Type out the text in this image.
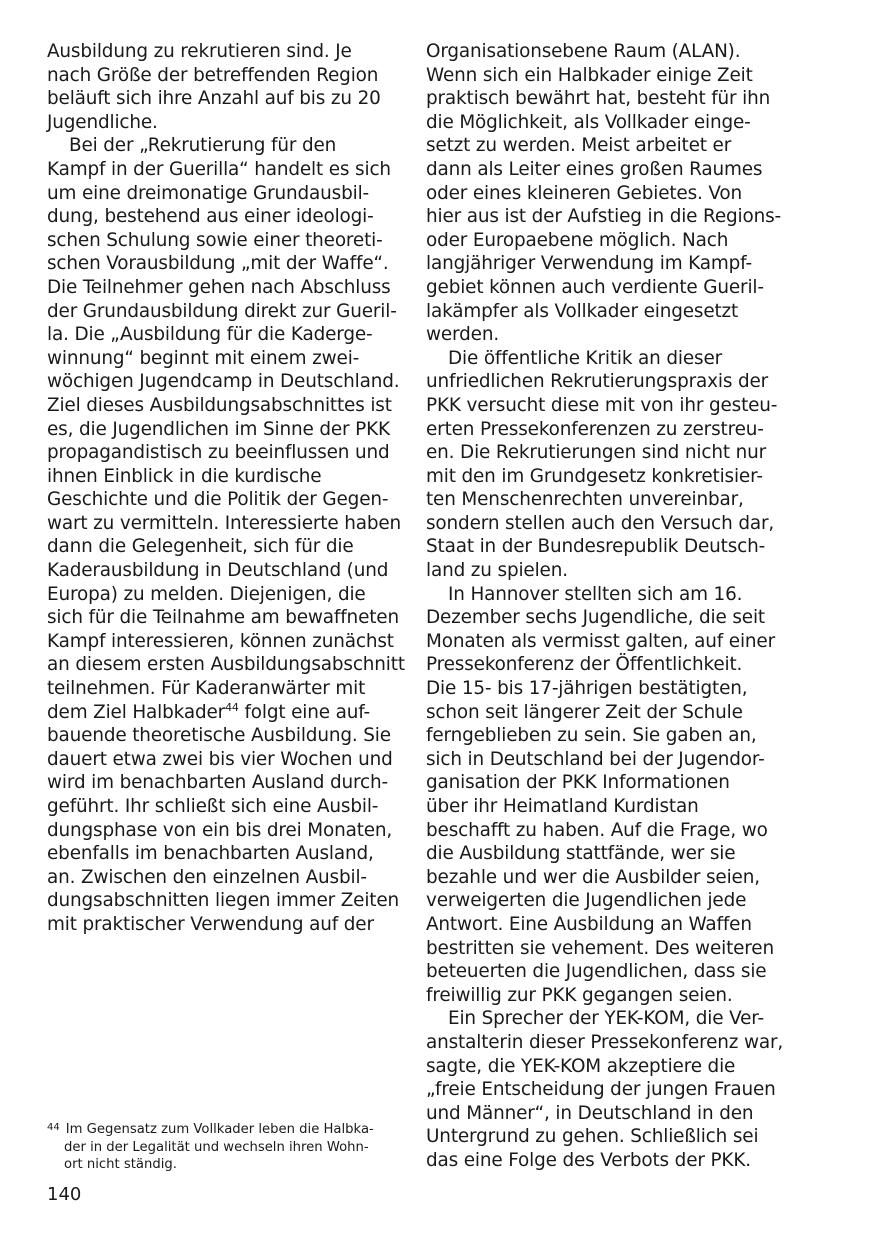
Ausbildung zu rekrutieren sind. Je
nach Größe der betreffenden Region
beläuft sich ihre Anzahl auf bis zu 20
Jugendliche.
Bei der „Rekrutierung für den
Kampf in der Guerilla“ handelt es sich
um eine dreimonatige Grundausbil-
dung, bestehend aus einer ideologi-
schen Schulung sowie einer theoreti-
schen Vorausbildung „mit der Waffe“.
Die Teilnehmer gehen nach Abschluss
der Grundausbildung direkt zur Gueril-
la. Die „Ausbildung für die Kaderge-
winnung“ beginnt mit einem zwei-
wöchigen Jugendcamp in Deutschland.
Ziel dieses Ausbildungsabschnittes ist
es, die Jugendlichen im Sinne der PKK
propagandistisch zu beeinflussen und
ihnen Einblick in die kurdische
Geschichte und die Politik der Gegen-
wart zu vermitteln. Interessierte haben
dann die Gelegenheit, sich für die
Kaderausbildung in Deutschland (und
Europa) zu melden. Diejenigen, die
sich für die Teilnahme am bewaffneten
Kampf interessieren, können zunächst
an diesem ersten Ausbildungsabschnitt
teilnehmen. Für Kaderanwärter mit
dem Ziel Halbkader$^{44}$ folgt eine auf-
bauende theoretische Ausbildung. Sie
dauert etwa zwei bis vier Wochen und
wird im benachbarten Ausland durch-
geführt. Ihr schließt sich eine Ausbil-
dungsphase von ein bis drei Monaten,
ebenfalls im benachbarten Ausland,
an. Zwischen den einzelnen Ausbil-
dungsabschnitten liegen immer Zeiten
mit praktischer Verwendung auf der
Organisationsebene Raum (ALAN).
Wenn sich ein Halbkader einige Zeit
praktisch bewährt hat, besteht für ihn
die Möglichkeit, als Vollkader einge-
setzt zu werden. Meist arbeitet er
dann als Leiter eines großen Raumes
oder eines kleineren Gebietes. Von
hier aus ist der Aufstieg in die Regions-
oder Europaebene möglich. Nach
langjähriger Verwendung im Kampf-
gebiet können auch verdiente Gueril-
lakämpfer als Vollkader eingesetzt
werden.
Die öffentliche Kritik an dieser
unfriedlichen Rekrutierungspraxis der
PKK versucht diese mit von ihr gesteu-
erten Pressekonferenzen zu zerstreu-
en. Die Rekrutierungen sind nicht nur
mit den im Grundgesetz konkretisier-
ten Menschenrechten unvereinbar,
sondern stellen auch den Versuch dar,
Staat in der Bundesrepublik Deutsch-
land zu spielen.
In Hannover stellten sich am 16.
Dezember sechs Jugendliche, die seit
Monaten als vermisst galten, auf einer
Pressekonferenz der Öffentlichkeit.
Die 15- bis 17-jährigen bestätigten,
schon seit längerer Zeit der Schule
ferngeblieben zu sein. Sie gaben an,
sich in Deutschland bei der Jugendor-
ganisation der PKK Informationen
über ihr Heimatland Kurdistan
beschafft zu haben. Auf die Frage, wo
die Ausbildung stattfände, wer sie
bezahle und wer die Ausbilder seien,
verweigerten die Jugendlichen jede
Antwort. Eine Ausbildung an Waffen
bestritten sie vehement. Des weiteren
beteuerten die Jugendlichen, dass sie
freiwillig zur PKK gegangen seien.
Ein Sprecher der YEK-KOM, die Ver-
anstalterin dieser Pressekonferenz war,
sagte, die YEK-KOM akzeptiere die
„freie Entscheidung der jungen Frauen
und Männer“, in Deutschland in den
Untergrund zu gehen. Schließlich sei
das eine Folge des Verbots der PKK.
$^{44}$ Im Gegensatz zum Vollkader leben die Halbka-
der in der Legalität und wechseln ihren Wohn-
ort nicht ständig.
140
